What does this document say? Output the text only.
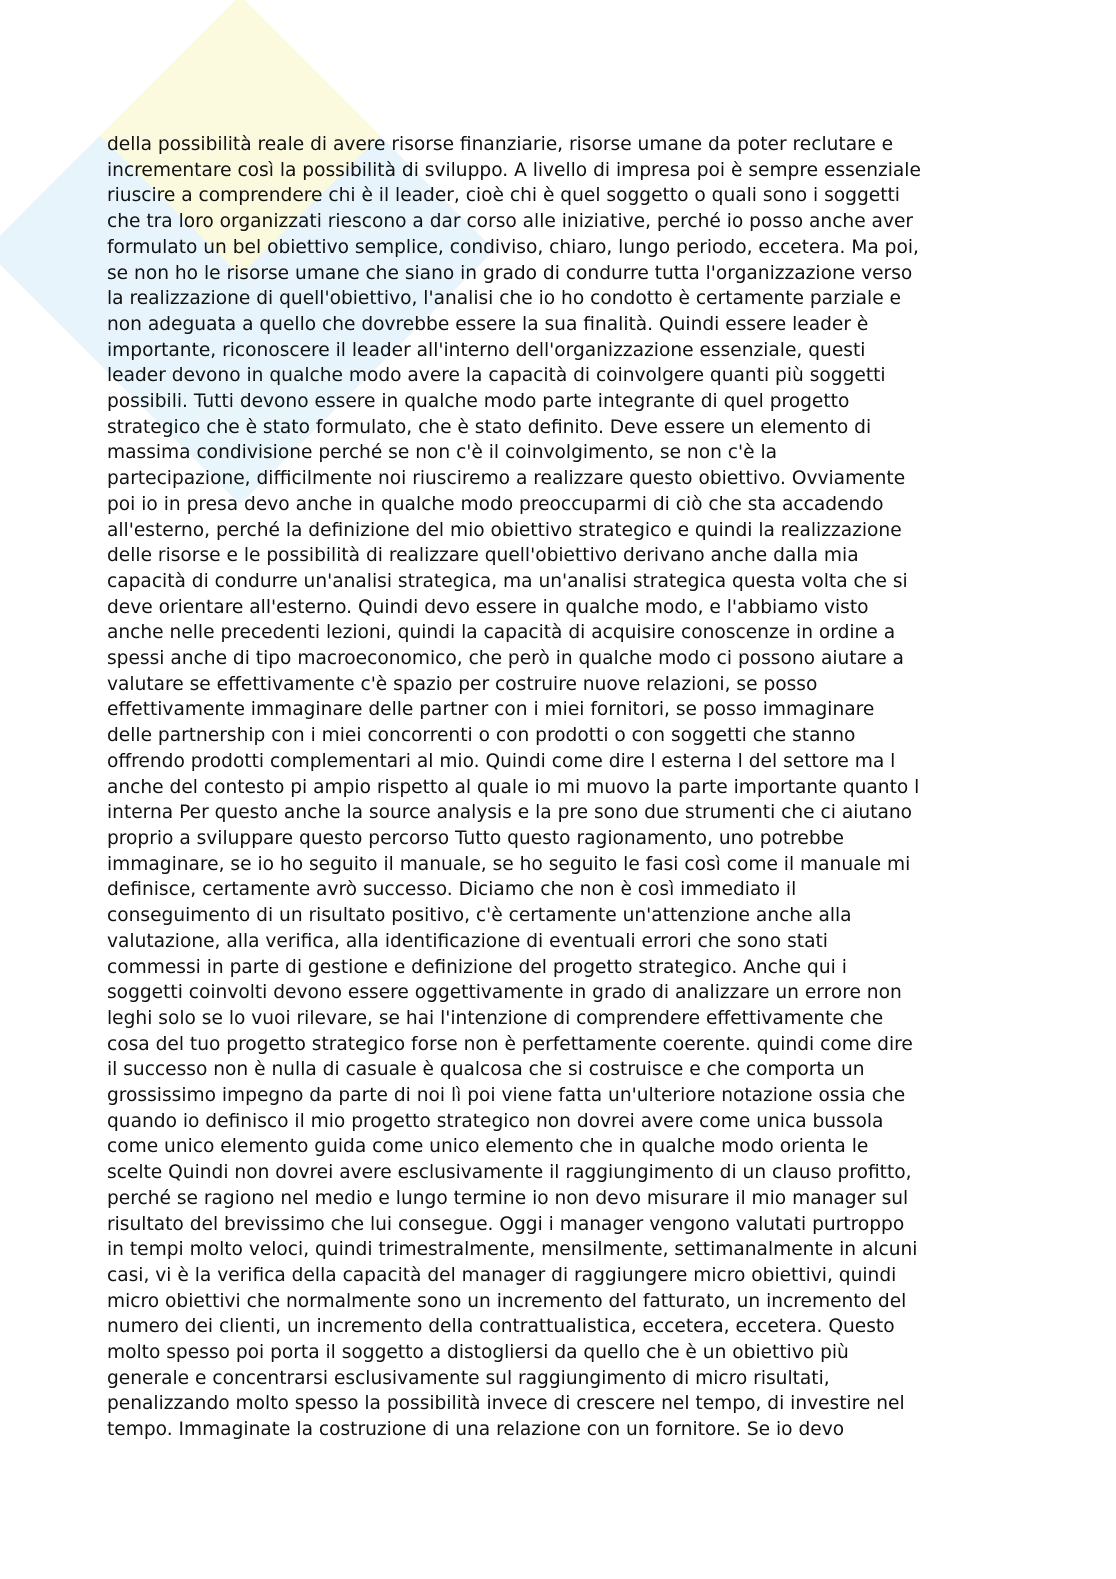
della possibilità reale di avere risorse finanziarie, risorse umane da poter reclutare e
incrementare così la possibilità di sviluppo. A livello di impresa poi è sempre essenziale
riuscire a comprendere chi è il leader, cioè chi è quel soggetto o quali sono i soggetti
che tra loro organizzati riescono a dar corso alle iniziative, perché io posso anche aver
formulato un bel obiettivo semplice, condiviso, chiaro, lungo periodo, eccetera. Ma poi,
se non ho le risorse umane che siano in grado di condurre tutta l'organizzazione verso
la realizzazione di quell'obiettivo, l'analisi che io ho condotto è certamente parziale e
non adeguata a quello che dovrebbe essere la sua finalità. Quindi essere leader è
importante, riconoscere il leader all'interno dell'organizzazione essenziale, questi
leader devono in qualche modo avere la capacità di coinvolgere quanti più soggetti
possibili. Tutti devono essere in qualche modo parte integrante di quel progetto
strategico che è stato formulato, che è stato definito. Deve essere un elemento di
massima condivisione perché se non c'è il coinvolgimento, se non c'è la
partecipazione, difficilmente noi riusciremo a realizzare questo obiettivo. Ovviamente
poi io in presa devo anche in qualche modo preoccuparmi di ciò che sta accadendo
all'esterno, perché la definizione del mio obiettivo strategico e quindi la realizzazione
delle risorse e le possibilità di realizzare quell'obiettivo derivano anche dalla mia
capacità di condurre un'analisi strategica, ma un'analisi strategica questa volta che si
deve orientare all'esterno. Quindi devo essere in qualche modo, e l'abbiamo visto
anche nelle precedenti lezioni, quindi la capacità di acquisire conoscenze in ordine a
spessi anche di tipo macroeconomico, che però in qualche modo ci possono aiutare a
valutare se effettivamente c'è spazio per costruire nuove relazioni, se posso
effettivamente immaginare delle partner con i miei fornitori, se posso immaginare
delle partnership con i miei concorrenti o con prodotti o con soggetti che stanno
offrendo prodotti complementari al mio. Quindi come dire l esterna l del settore ma l
anche del contesto pi ampio rispetto al quale io mi muovo la parte importante quanto l
interna Per questo anche la source analysis e la pre sono due strumenti che ci aiutano
proprio a sviluppare questo percorso Tutto questo ragionamento, uno potrebbe
immaginare, se io ho seguito il manuale, se ho seguito le fasi così come il manuale mi
definisce, certamente avrò successo. Diciamo che non è così immediato il
conseguimento di un risultato positivo, c'è certamente un'attenzione anche alla
valutazione, alla verifica, alla identificazione di eventuali errori che sono stati
commessi in parte di gestione e definizione del progetto strategico. Anche qui i
soggetti coinvolti devono essere oggettivamente in grado di analizzare un errore non
leghi solo se lo vuoi rilevare, se hai l'intenzione di comprendere effettivamente che
cosa del tuo progetto strategico forse non è perfettamente coerente. quindi come dire
il successo non è nulla di casuale è qualcosa che si costruisce e che comporta un
grossissimo impegno da parte di noi lì poi viene fatta un'ulteriore notazione ossia che
quando io definisco il mio progetto strategico non dovrei avere come unica bussola
come unico elemento guida come unico elemento che in qualche modo orienta le
scelte Quindi non dovrei avere esclusivamente il raggiungimento di un clauso profitto,
perché se ragiono nel medio e lungo termine io non devo misurare il mio manager sul
risultato del brevissimo che lui consegue. Oggi i manager vengono valutati purtroppo
in tempi molto veloci, quindi trimestralmente, mensilmente, settimanalmente in alcuni
casi, vi è la verifica della capacità del manager di raggiungere micro obiettivi, quindi
micro obiettivi che normalmente sono un incremento del fatturato, un incremento del
numero dei clienti, un incremento della contrattualistica, eccetera, eccetera. Questo
molto spesso poi porta il soggetto a distogliersi da quello che è un obiettivo più
generale e concentrarsi esclusivamente sul raggiungimento di micro risultati,
penalizzando molto spesso la possibilità invece di crescere nel tempo, di investire nel
tempo. Immaginate la costruzione di una relazione con un fornitore. Se io devo
